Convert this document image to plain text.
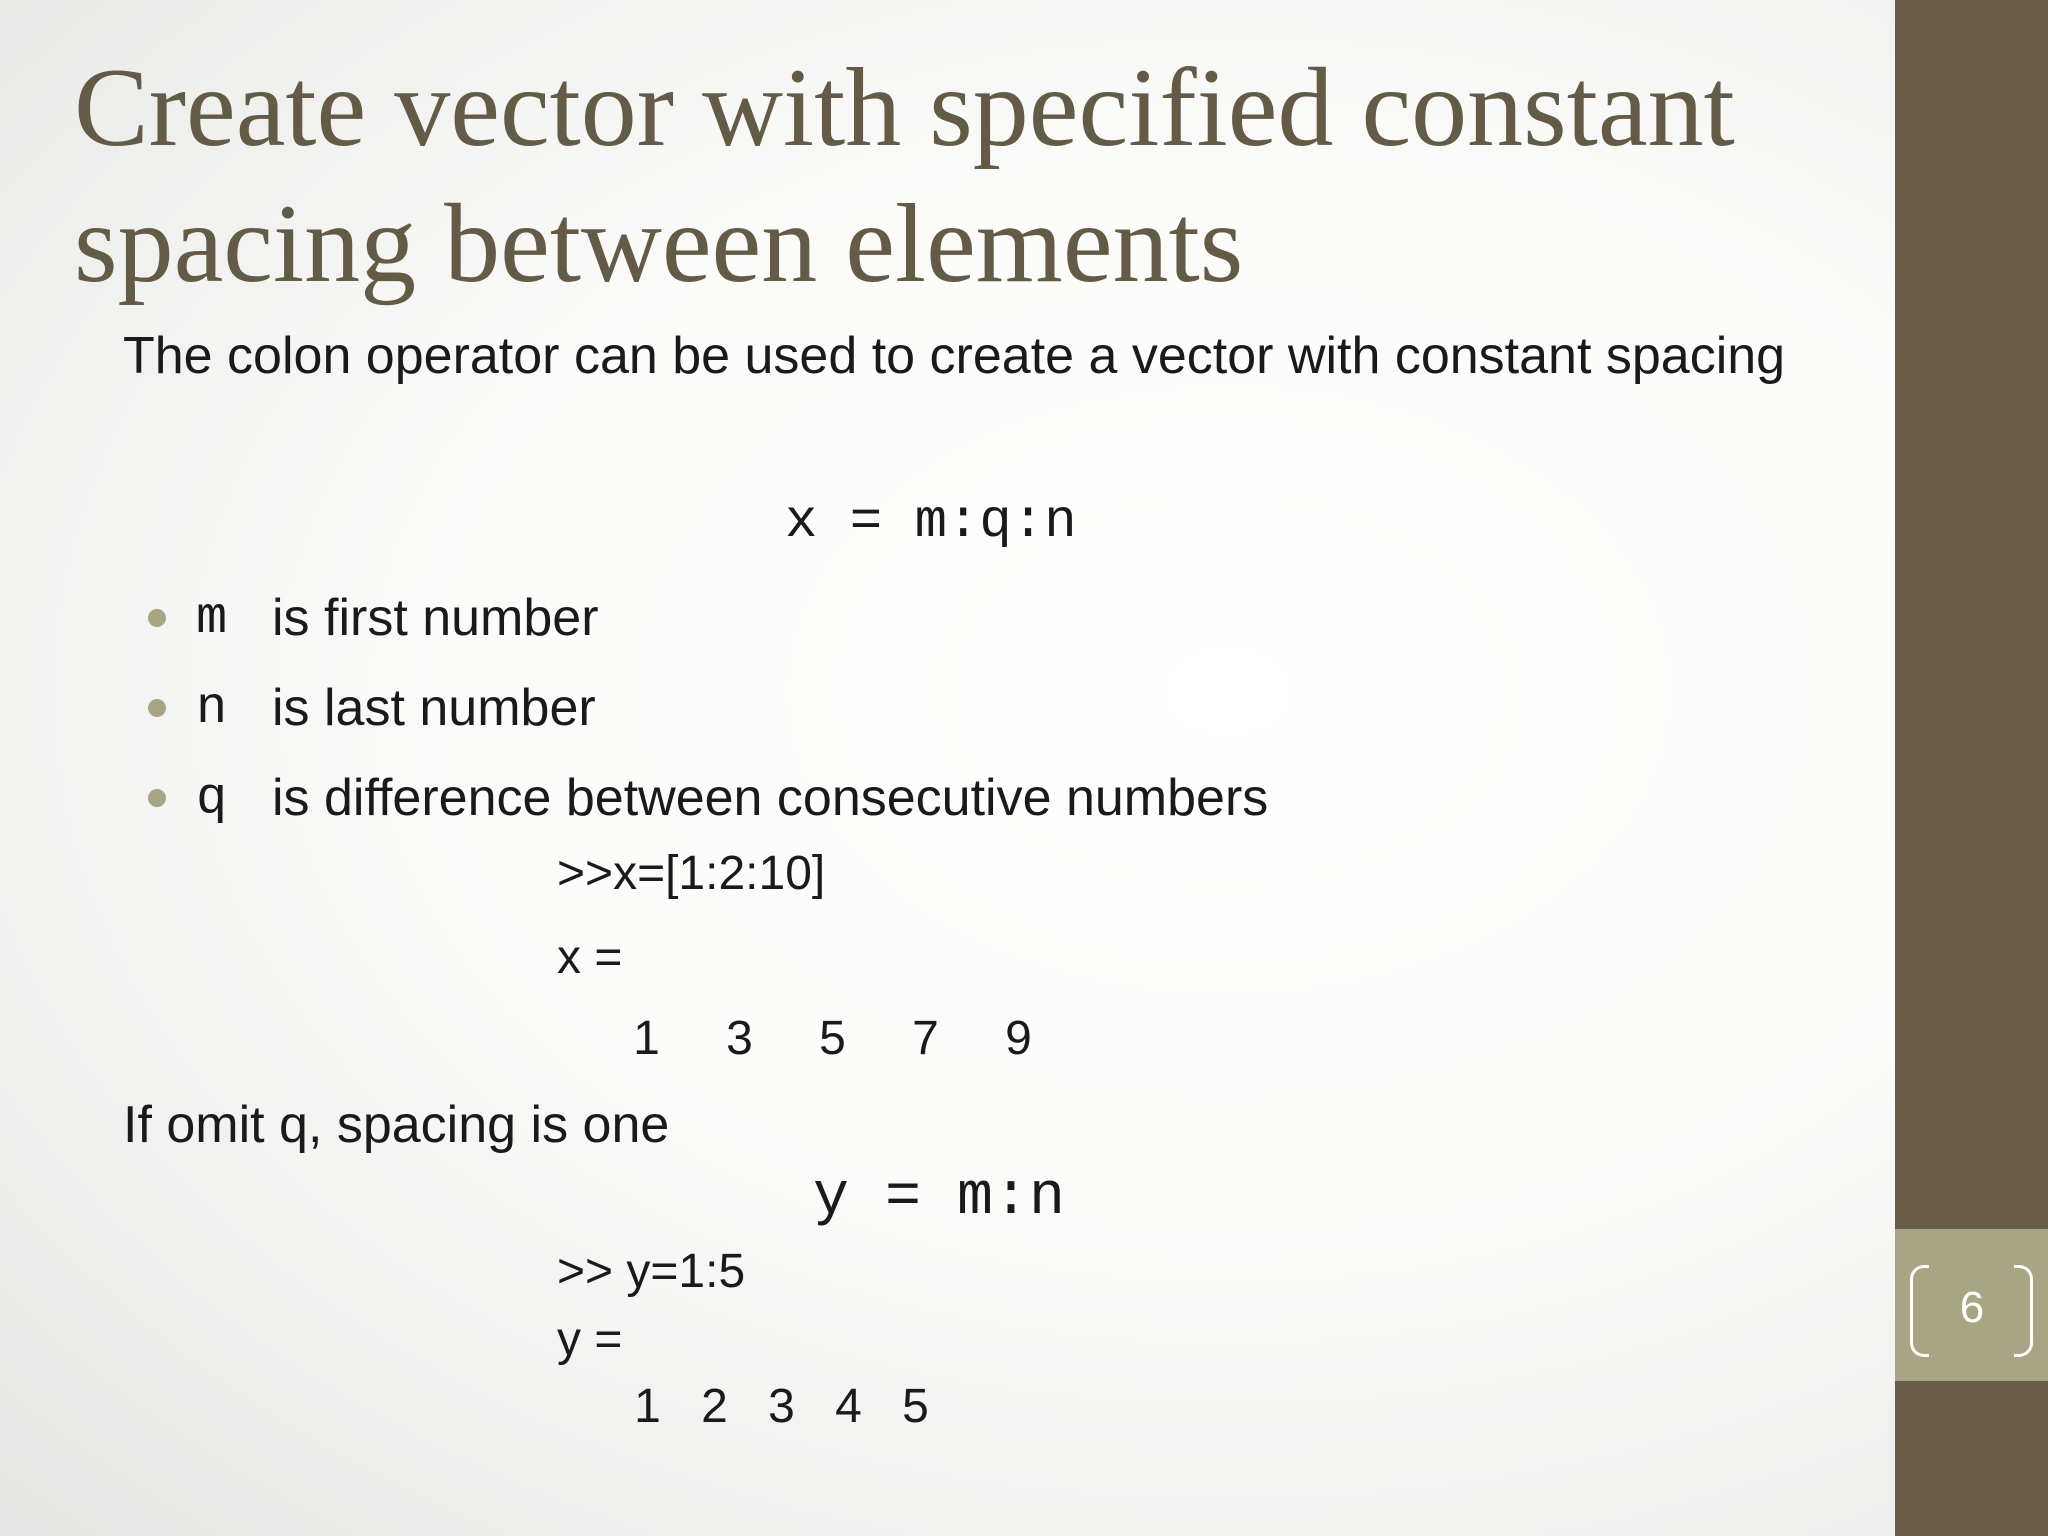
Create vector with specified constant spacing between elements

The colon operator can be used to create a vector with constant spacing

x = m:q:n
m is first number
n is last number
q is difference between consecutive numbers
>>x=[1:2:10]
x =
1	3	5	7	9

If omit q, spacing is one

y = m:n
>> y=1:5
y =
1 2 3 4 5
6
